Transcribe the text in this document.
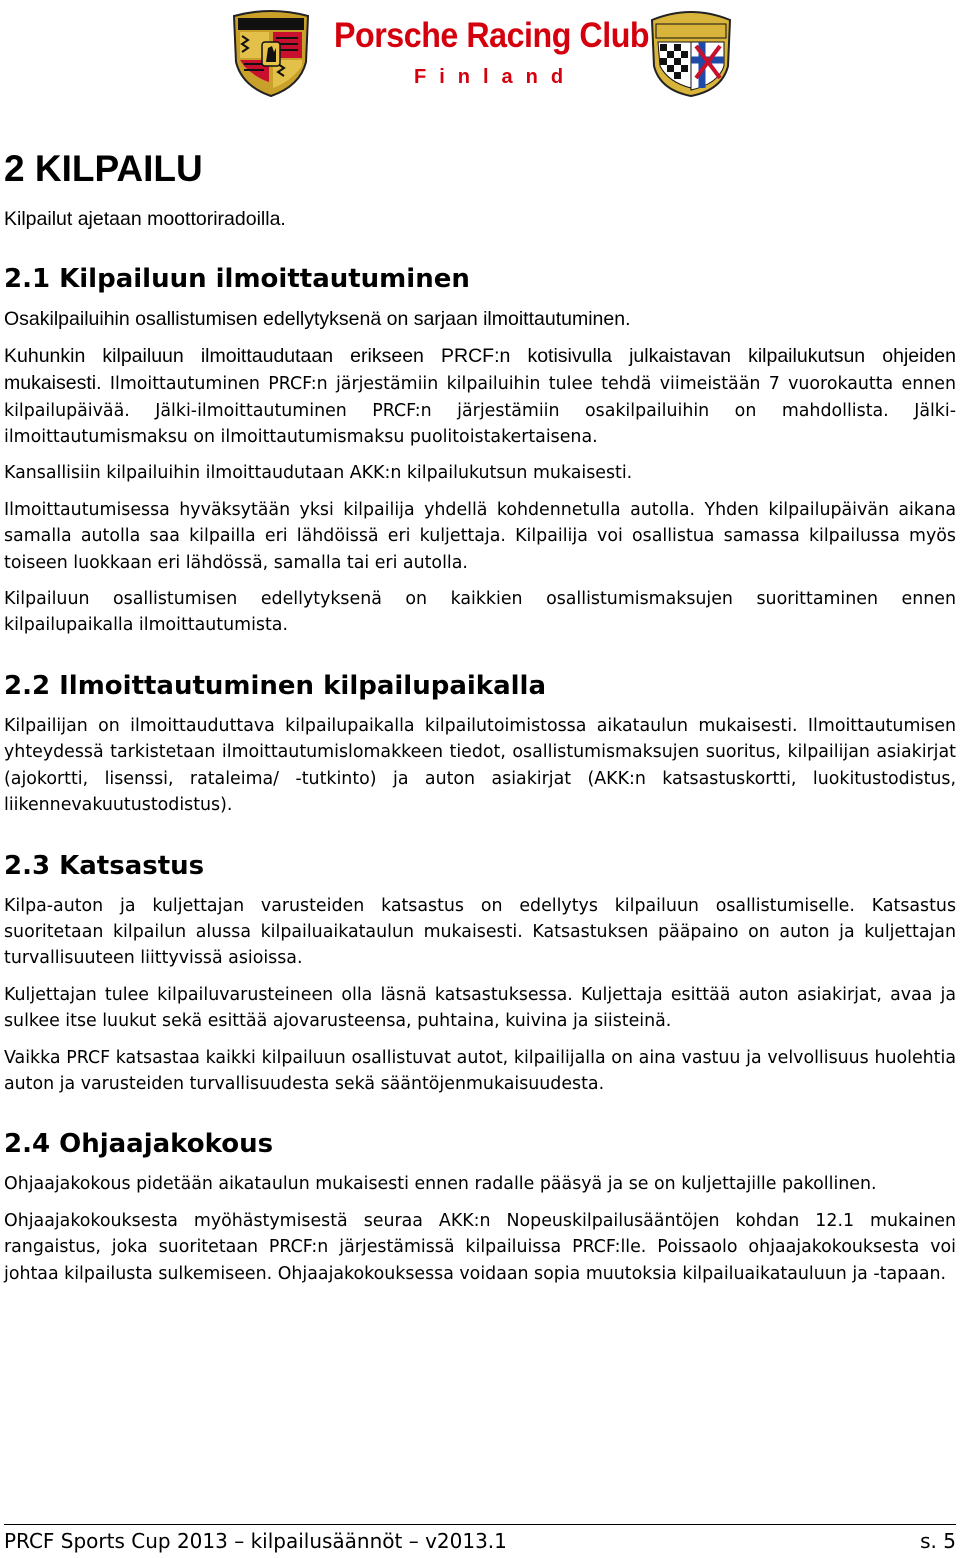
Porsche Racing Club
Finland
2 KILPAILU

Kilpailut ajetaan moottoriradoilla.

2.1 Kilpailuun ilmoittautuminen

Osakilpailuihin osallistumisen edellytyksenä on sarjaan ilmoittautuminen.

Kuhunkin kilpailuun ilmoittaudutaan erikseen PRCF:n kotisivulla julkaistavan kilpailukutsun ohjeiden mukaisesti. Ilmoittautuminen PRCF:n järjestämiin kilpailuihin tulee tehdä viimeistään 7 vuorokautta ennen kilpailupäivää. Jälki-ilmoittautuminen PRCF:n järjestämiin osakilpailuihin on mahdollista. Jälki-ilmoittautumismaksu on ilmoittautumismaksu puolitoistakertaisena.

Kansallisiin kilpailuihin ilmoittaudutaan AKK:n kilpailukutsun mukaisesti.

Ilmoittautumisessa hyväksytään yksi kilpailija yhdellä kohdennetulla autolla. Yhden kilpailupäivän aikana samalla autolla saa kilpailla eri lähdöissä eri kuljettaja. Kilpailija voi osallistua samassa kilpailussa myös toiseen luokkaan eri lähdössä, samalla tai eri autolla.

Kilpailuun osallistumisen edellytyksenä on kaikkien osallistumismaksujen suorittaminen ennen kilpailupaikalla ilmoittautumista.

2.2 Ilmoittautuminen kilpailupaikalla

Kilpailijan on ilmoittauduttava kilpailupaikalla kilpailutoimistossa aikataulun mukaisesti. Ilmoittautumisen yhteydessä tarkistetaan ilmoittautumislomakkeen tiedot, osallistumismaksujen suoritus, kilpailijan asiakirjat (ajokortti, lisenssi, rataleima/ -tutkinto) ja auton asiakirjat (AKK:n katsastuskortti, luokitustodistus, liikennevakuutustodistus).

2.3 Katsastus

Kilpa-auton ja kuljettajan varusteiden katsastus on edellytys kilpailuun osallistumiselle. Katsastus suoritetaan kilpailun alussa kilpailuaikataulun mukaisesti. Katsastuksen pääpaino on auton ja kuljettajan turvallisuuteen liittyvissä asioissa.

Kuljettajan tulee kilpailuvarusteineen olla läsnä katsastuksessa. Kuljettaja esittää auton asiakirjat, avaa ja sulkee itse luukut sekä esittää ajovarusteensa, puhtaina, kuivina ja siisteinä.

Vaikka PRCF katsastaa kaikki kilpailuun osallistuvat autot, kilpailijalla on aina vastuu ja velvollisuus huolehtia auton ja varusteiden turvallisuudesta sekä sääntöjenmukaisuudesta.

2.4 Ohjaajakokous

Ohjaajakokous pidetään aikataulun mukaisesti ennen radalle pääsyä ja se on kuljettajille pakollinen.

Ohjaajakokouksesta myöhästymisestä seuraa AKK:n Nopeuskilpailusääntöjen kohdan 12.1 mukainen rangaistus, joka suoritetaan PRCF:n järjestämissä kilpailuissa PRCF:lle. Poissaolo ohjaajakokouksesta voi johtaa kilpailusta sulkemiseen. Ohjaajakokouksessa voidaan sopia muutoksia kilpailuaikatauluun ja -tapaan.

PRCF Sports Cup 2013 – kilpailusäännöt – v2013.1	s. 5
